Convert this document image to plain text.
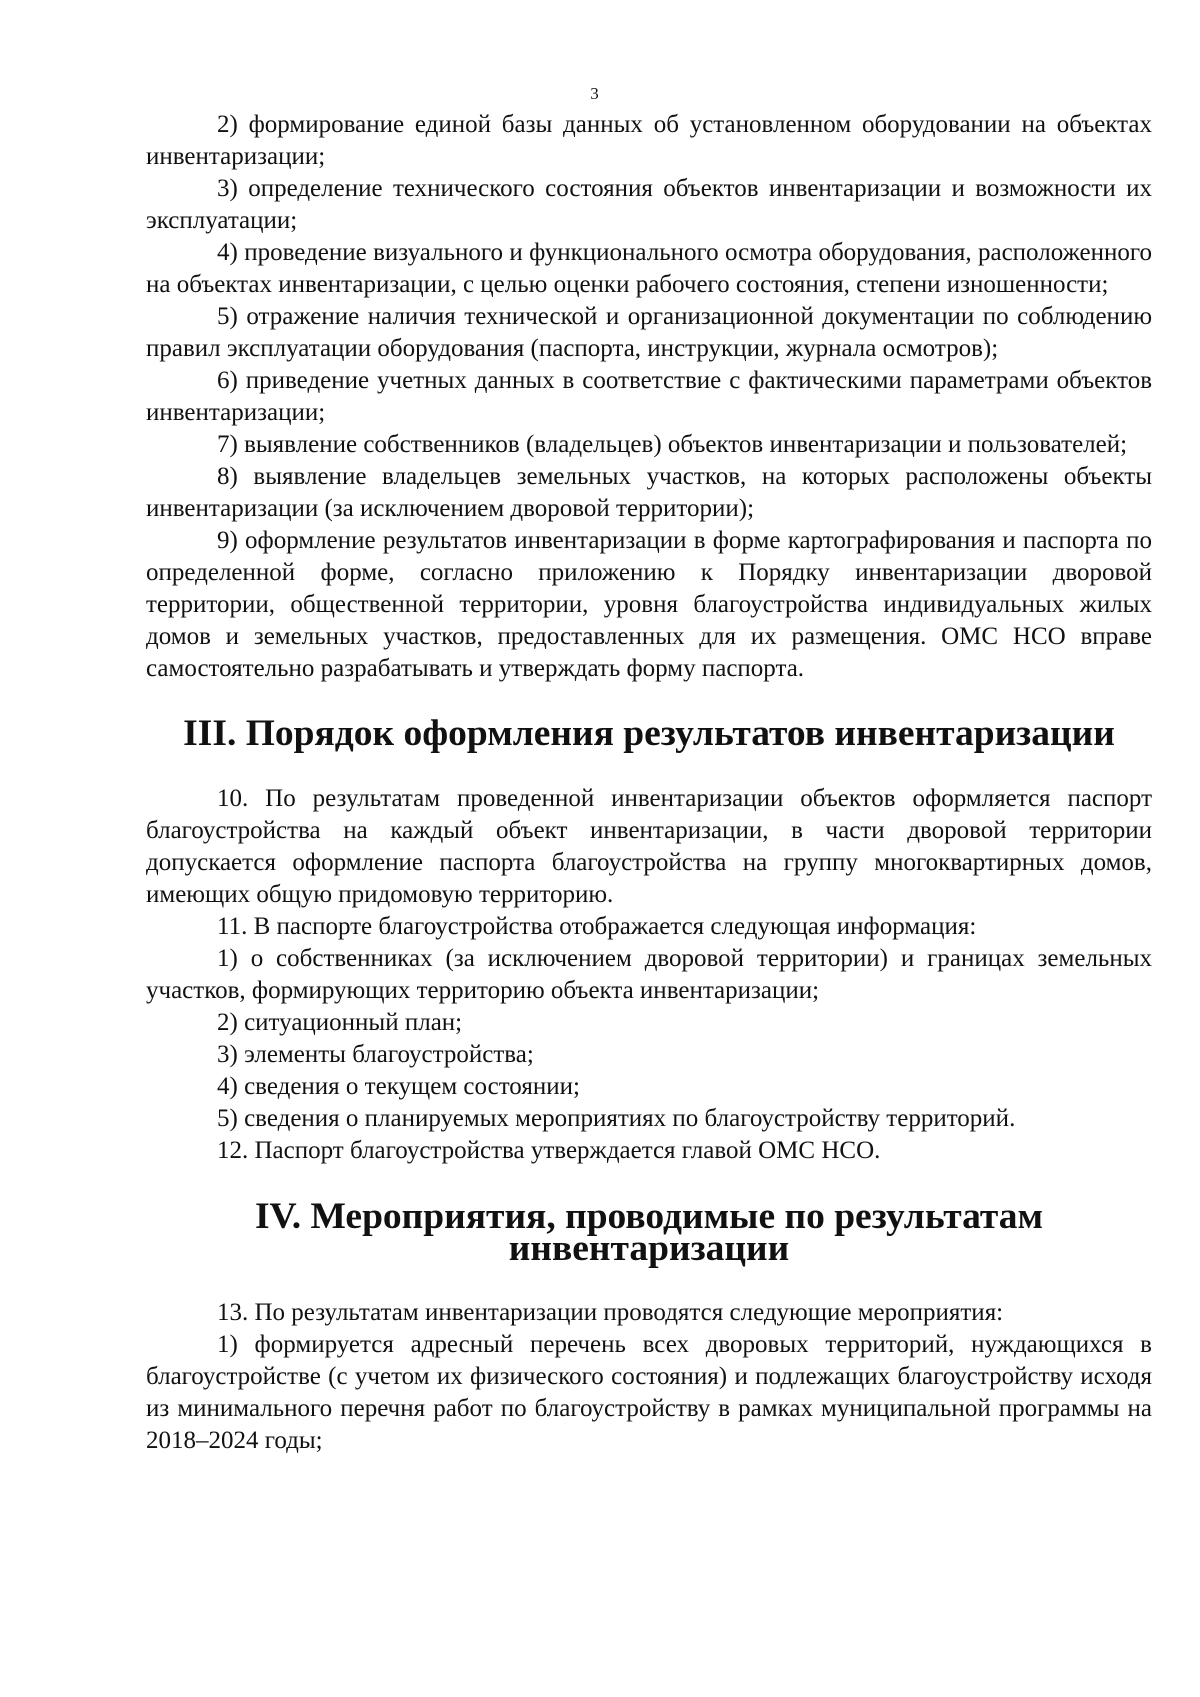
3

2) формирование единой базы данных об установленном оборудовании на объектах инвентаризации;

3) определение технического состояния объектов инвентаризации и возможности их эксплуатации;

4) проведение визуального и функционального осмотра оборудования, расположенного на объектах инвентаризации, с целью оценки рабочего состояния, степени изношенности;

5) отражение наличия технической и организационной документации по соблюдению правил эксплуатации оборудования (паспорта, инструкции, журнала осмотров);

6) приведение учетных данных в соответствие с фактическими параметрами объектов инвентаризации;

7) выявление собственников (владельцев) объектов инвентаризации и пользователей;

8) выявление владельцев земельных участков, на которых расположены объекты инвентаризации (за исключением дворовой территории);

9) оформление результатов инвентаризации в форме картографирования и паспорта по определенной форме, согласно приложению к Порядку инвентаризации дворовой территории, общественной территории, уровня благоустройства индивидуальных жилых домов и земельных участков, предоставленных для их размещения. ОМС НСО вправе самостоятельно разрабатывать и утверждать форму паспорта.

III. Порядок оформления результатов инвентаризации

10. По результатам проведенной инвентаризации объектов оформляется паспорт благоустройства на каждый объект инвентаризации, в части дворовой территории допускается оформление паспорта благоустройства на группу многоквартирных домов, имеющих общую придомовую территорию.

11. В паспорте благоустройства отображается следующая информация:

1) о собственниках (за исключением дворовой территории) и границах земельных участков, формирующих территорию объекта инвентаризации;

2) ситуационный план;

3) элементы благоустройства;

4) сведения о текущем состоянии;

5) сведения о планируемых мероприятиях по благоустройству территорий.

12. Паспорт благоустройства утверждается главой ОМС НСО.

IV. Мероприятия, проводимые по результатам инвентаризации

13. По результатам инвентаризации проводятся следующие мероприятия:

1) формируется адресный перечень всех дворовых территорий, нуждающихся в благоустройстве (с учетом их физического состояния) и подлежащих благоустройству исходя из минимального перечня работ по благоустройству в рамках муниципальной программы на 2018–2024 годы;
